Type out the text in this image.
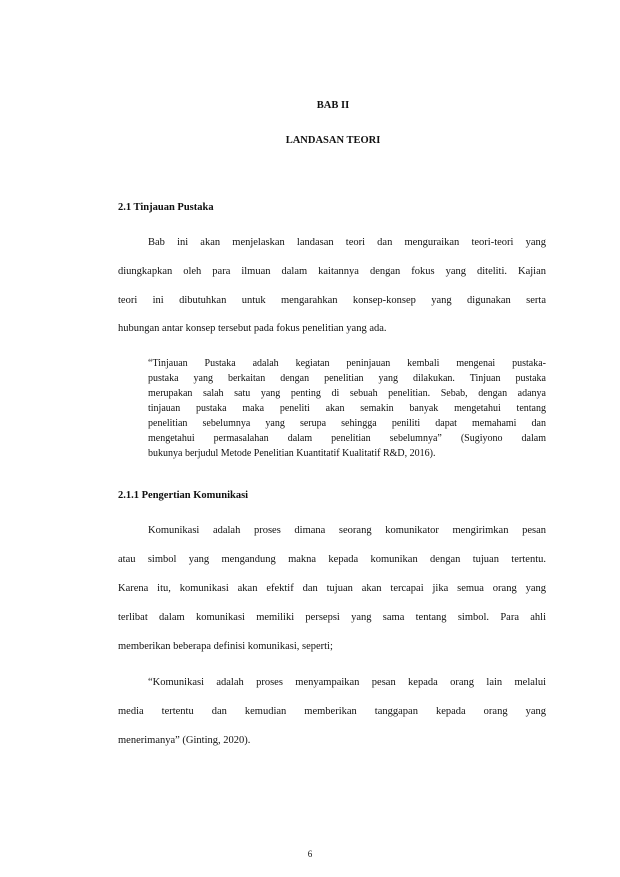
BAB II
LANDASAN TEORI
2.1 Tinjauan Pustaka
Bab ini akan menjelaskan landasan teori dan menguraikan teori-teori yang
diungkapkan oleh para ilmuan dalam kaitannya dengan fokus yang diteliti. Kajian
teori ini dibutuhkan untuk mengarahkan konsep-konsep yang digunakan serta
hubungan antar konsep tersebut pada fokus penelitian yang ada.
“Tinjauan Pustaka adalah kegiatan peninjauan kembali mengenai pustaka-
pustaka yang berkaitan dengan penelitian yang dilakukan. Tinjuan pustaka
merupakan salah satu yang penting di sebuah penelitian. Sebab, dengan adanya
tinjauan pustaka maka peneliti akan semakin banyak mengetahui tentang
penelitian sebelumnya yang serupa sehingga peniliti dapat memahami dan
mengetahui permasalahan dalam penelitian sebelumnya” (Sugiyono dalam
bukunya berjudul Metode Penelitian Kuantitatif Kualitatif R&D, 2016).
2.1.1 Pengertian Komunikasi
Komunikasi adalah proses dimana seorang komunikator mengirimkan pesan
atau simbol yang mengandung makna kepada komunikan dengan tujuan tertentu.
Karena itu, komunikasi akan efektif dan tujuan akan tercapai jika semua orang yang
terlibat dalam komunikasi memiliki persepsi yang sama tentang simbol. Para ahli
memberikan beberapa definisi komunikasi, seperti;
“Komunikasi adalah proses menyampaikan pesan kepada orang lain melalui
media tertentu dan kemudian memberikan tanggapan kepada orang yang
menerimanya” (Ginting, 2020).
6
